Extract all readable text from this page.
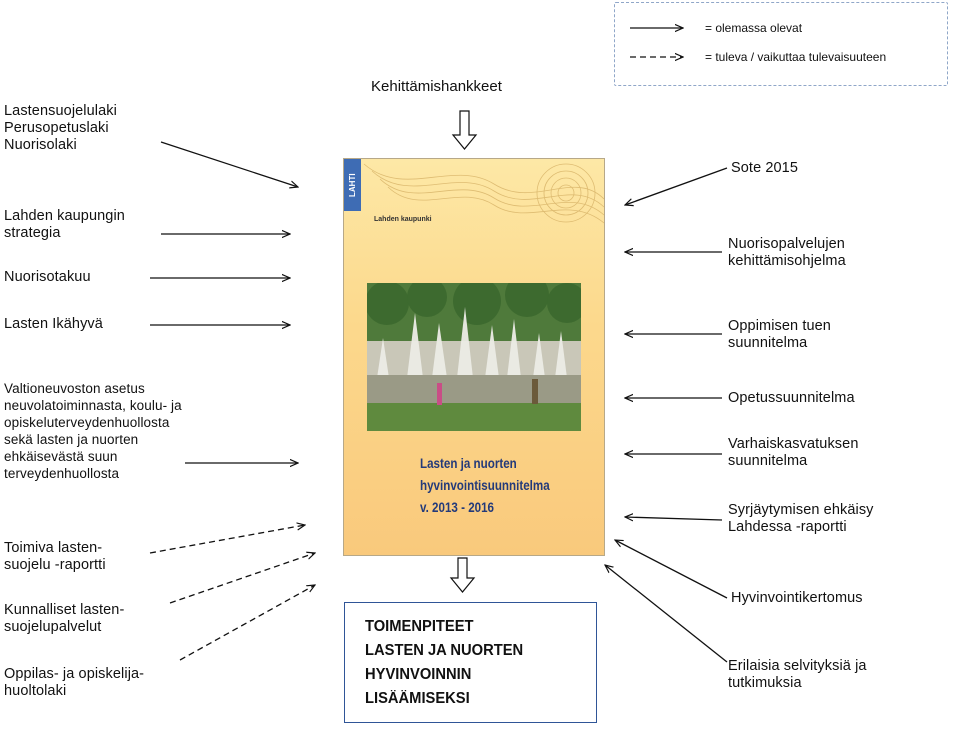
= olemassa olevat
= tuleva / vaikuttaa tulevaisuuteen
Kehittämishankkeet
Lastensuojelulaki
Perusopetuslaki
Nuorisolaki
Lahden kaupungin
strategia
Nuorisotakuu
Lasten Ikähyvä
Valtioneuvoston asetus
neuvolatoiminnasta, koulu- ja
opiskeluterveydenhuollosta
sekä lasten ja nuorten
ehkäisevästä suun
terveydenhuollosta
Toimiva lasten-
suojelu -raportti
Kunnalliset lasten-
suojelupalvelut
Oppilas- ja opiskelija-
huoltolaki
Sote 2015
Nuorisopalvelujen
kehittämisohjelma
Oppimisen tuen
suunnitelma
Opetussuunnitelma
Varhaiskasvatuksen
suunnitelma
Syrjäytymisen ehkäisy
Lahdessa -raportti
Hyvinvointikertomus
Erilaisia selvityksiä ja
tutkimuksia
LAHTI
Lahden kaupunki
Lasten ja nuorten
hyvinvointisuunnitelma
v. 2013 - 2016
TOIMENPITEET
LASTEN JA NUORTEN
HYVINVOINNIN
LISÄÄMISEKSI
